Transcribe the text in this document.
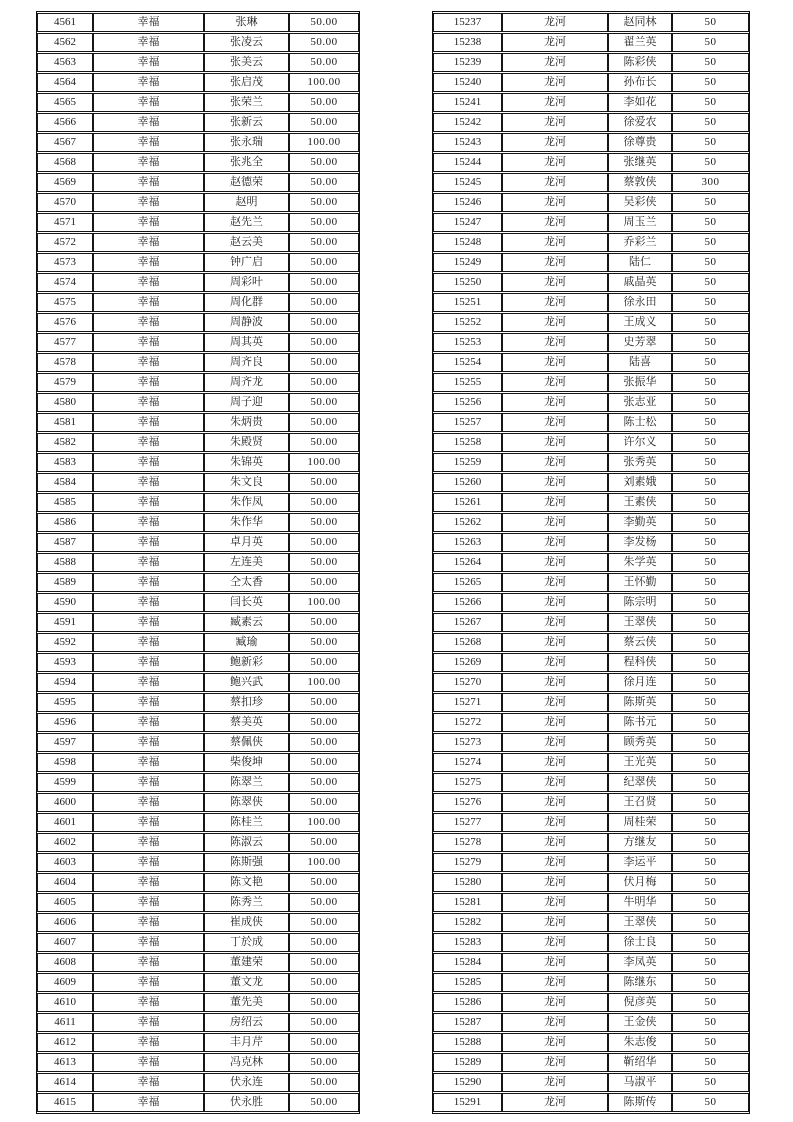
4561	幸福	张琳	50.00
4562	幸福	张凌云	50.00
4563	幸福	张美云	50.00
4564	幸福	张启茂	100.00
4565	幸福	张荣兰	50.00
4566	幸福	张新云	50.00
4567	幸福	张永瑞	100.00
4568	幸福	张兆全	50.00
4569	幸福	赵德荣	50.00
4570	幸福	赵明	50.00
4571	幸福	赵先兰	50.00
4572	幸福	赵云美	50.00
4573	幸福	钟广启	50.00
4574	幸福	周彩叶	50.00
4575	幸福	周化群	50.00
4576	幸福	周静波	50.00
4577	幸福	周其英	50.00
4578	幸福	周齐良	50.00
4579	幸福	周齐龙	50.00
4580	幸福	周子迎	50.00
4581	幸福	朱炳贵	50.00
4582	幸福	朱殿贤	50.00
4583	幸福	朱锦英	100.00
4584	幸福	朱文良	50.00
4585	幸福	朱作凤	50.00
4586	幸福	朱作华	50.00
4587	幸福	卓月英	50.00
4588	幸福	左连美	50.00
4589	幸福	仝太香	50.00
4590	幸福	闫长英	100.00
4591	幸福	臧素云	50.00
4592	幸福	臧瑜	50.00
4593	幸福	鲍新彩	50.00
4594	幸福	鲍兴武	100.00
4595	幸福	蔡扣珍	50.00
4596	幸福	蔡美英	50.00
4597	幸福	蔡佩侠	50.00
4598	幸福	柴俊坤	50.00
4599	幸福	陈翠兰	50.00
4600	幸福	陈翠侠	50.00
4601	幸福	陈桂兰	100.00
4602	幸福	陈淑云	50.00
4603	幸福	陈斯强	100.00
4604	幸福	陈文艳	50.00
4605	幸福	陈秀兰	50.00
4606	幸福	崔成侠	50.00
4607	幸福	丁於成	50.00
4608	幸福	董建荣	50.00
4609	幸福	董文龙	50.00
4610	幸福	董先美	50.00
4611	幸福	房绍云	50.00
4612	幸福	丰月芹	50.00
4613	幸福	冯克林	50.00
4614	幸福	伏永连	50.00
4615	幸福	伏永胜	50.00
15237	龙河	赵同林	50
15238	龙河	翟兰英	50
15239	龙河	陈彩侠	50
15240	龙河	孙布长	50
15241	龙河	李如花	50
15242	龙河	徐爱农	50
15243	龙河	徐尊贵	50
15244	龙河	张继英	50
15245	龙河	蔡敦侠	300
15246	龙河	吴彩侠	50
15247	龙河	周玉兰	50
15248	龙河	乔彩兰	50
15249	龙河	陆仁	50
15250	龙河	戚晶英	50
15251	龙河	徐永田	50
15252	龙河	王成义	50
15253	龙河	史芳翠	50
15254	龙河	陆喜	50
15255	龙河	张振华	50
15256	龙河	张志亚	50
15257	龙河	陈士松	50
15258	龙河	许尔义	50
15259	龙河	张秀英	50
15260	龙河	刘素娥	50
15261	龙河	王素侠	50
15262	龙河	李勤英	50
15263	龙河	李发杨	50
15264	龙河	朱学英	50
15265	龙河	王怀勤	50
15266	龙河	陈宗明	50
15267	龙河	王翠侠	50
15268	龙河	蔡云侠	50
15269	龙河	程科侠	50
15270	龙河	徐月连	50
15271	龙河	陈斯英	50
15272	龙河	陈书元	50
15273	龙河	顾秀英	50
15274	龙河	王光英	50
15275	龙河	纪翠侠	50
15276	龙河	王召贤	50
15277	龙河	周桂荣	50
15278	龙河	方继友	50
15279	龙河	李运平	50
15280	龙河	伏月梅	50
15281	龙河	牛明华	50
15282	龙河	王翠侠	50
15283	龙河	徐士良	50
15284	龙河	李凤英	50
15285	龙河	陈继东	50
15286	龙河	倪彦英	50
15287	龙河	王金侠	50
15288	龙河	朱志俊	50
15289	龙河	靳绍华	50
15290	龙河	马淑平	50
15291	龙河	陈斯传	50
